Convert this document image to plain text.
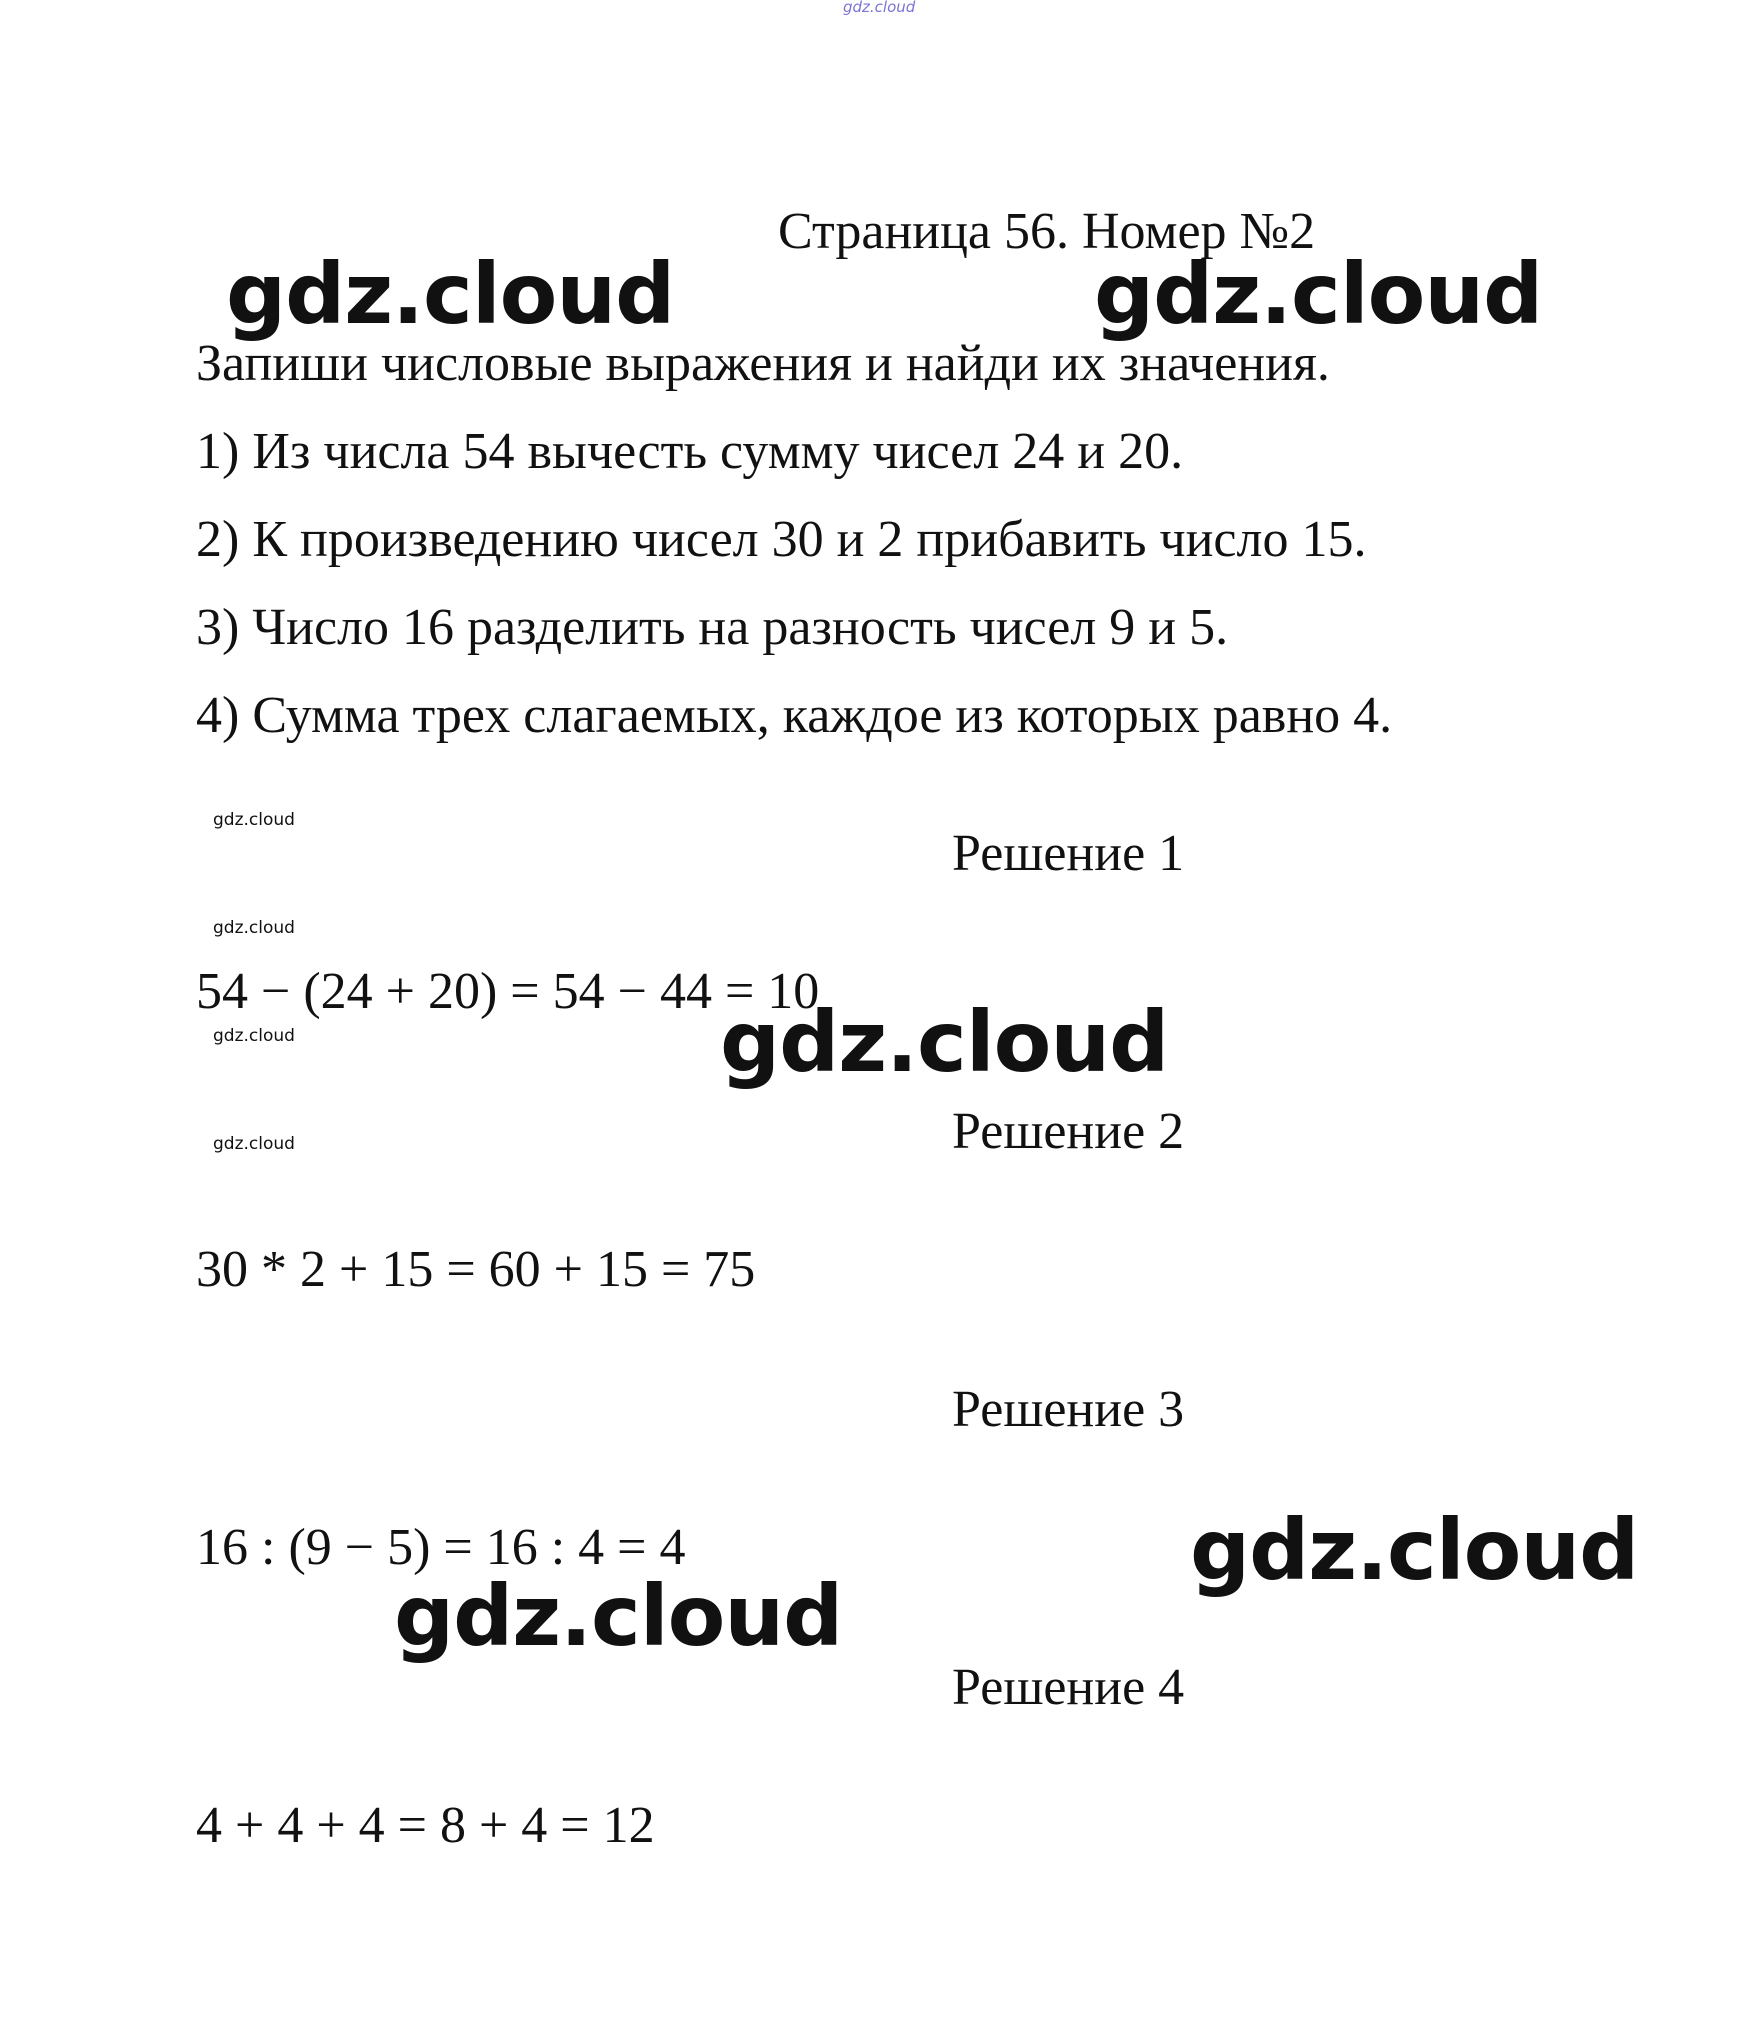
gdz.cloud
Страница 56. Номер №2
gdz.cloud	gdz.cloud
Запиши числовые выражения и найди их значения.
1) Из числа 54 вычесть сумму чисел 24 и 20.
2) К произведению чисел 30 и 2 прибавить число 15.
3) Число 16 разделить на разность чисел 9 и 5.
4) Сумма трех слагаемых, каждое из которых равно 4.
gdz.cloud
gdz.cloud
gdz.cloud
gdz.cloud
Решение 1
54 − (24 + 20) = 54 − 44 = 10
gdz.cloud
Решение 2
30 * 2 + 15 = 60 + 15 = 75
Решение 3
16 : (9 − 5) = 16 : 4 = 4	gdz.cloud
gdz.cloud
Решение 4
4 + 4 + 4 = 8 + 4 = 12
